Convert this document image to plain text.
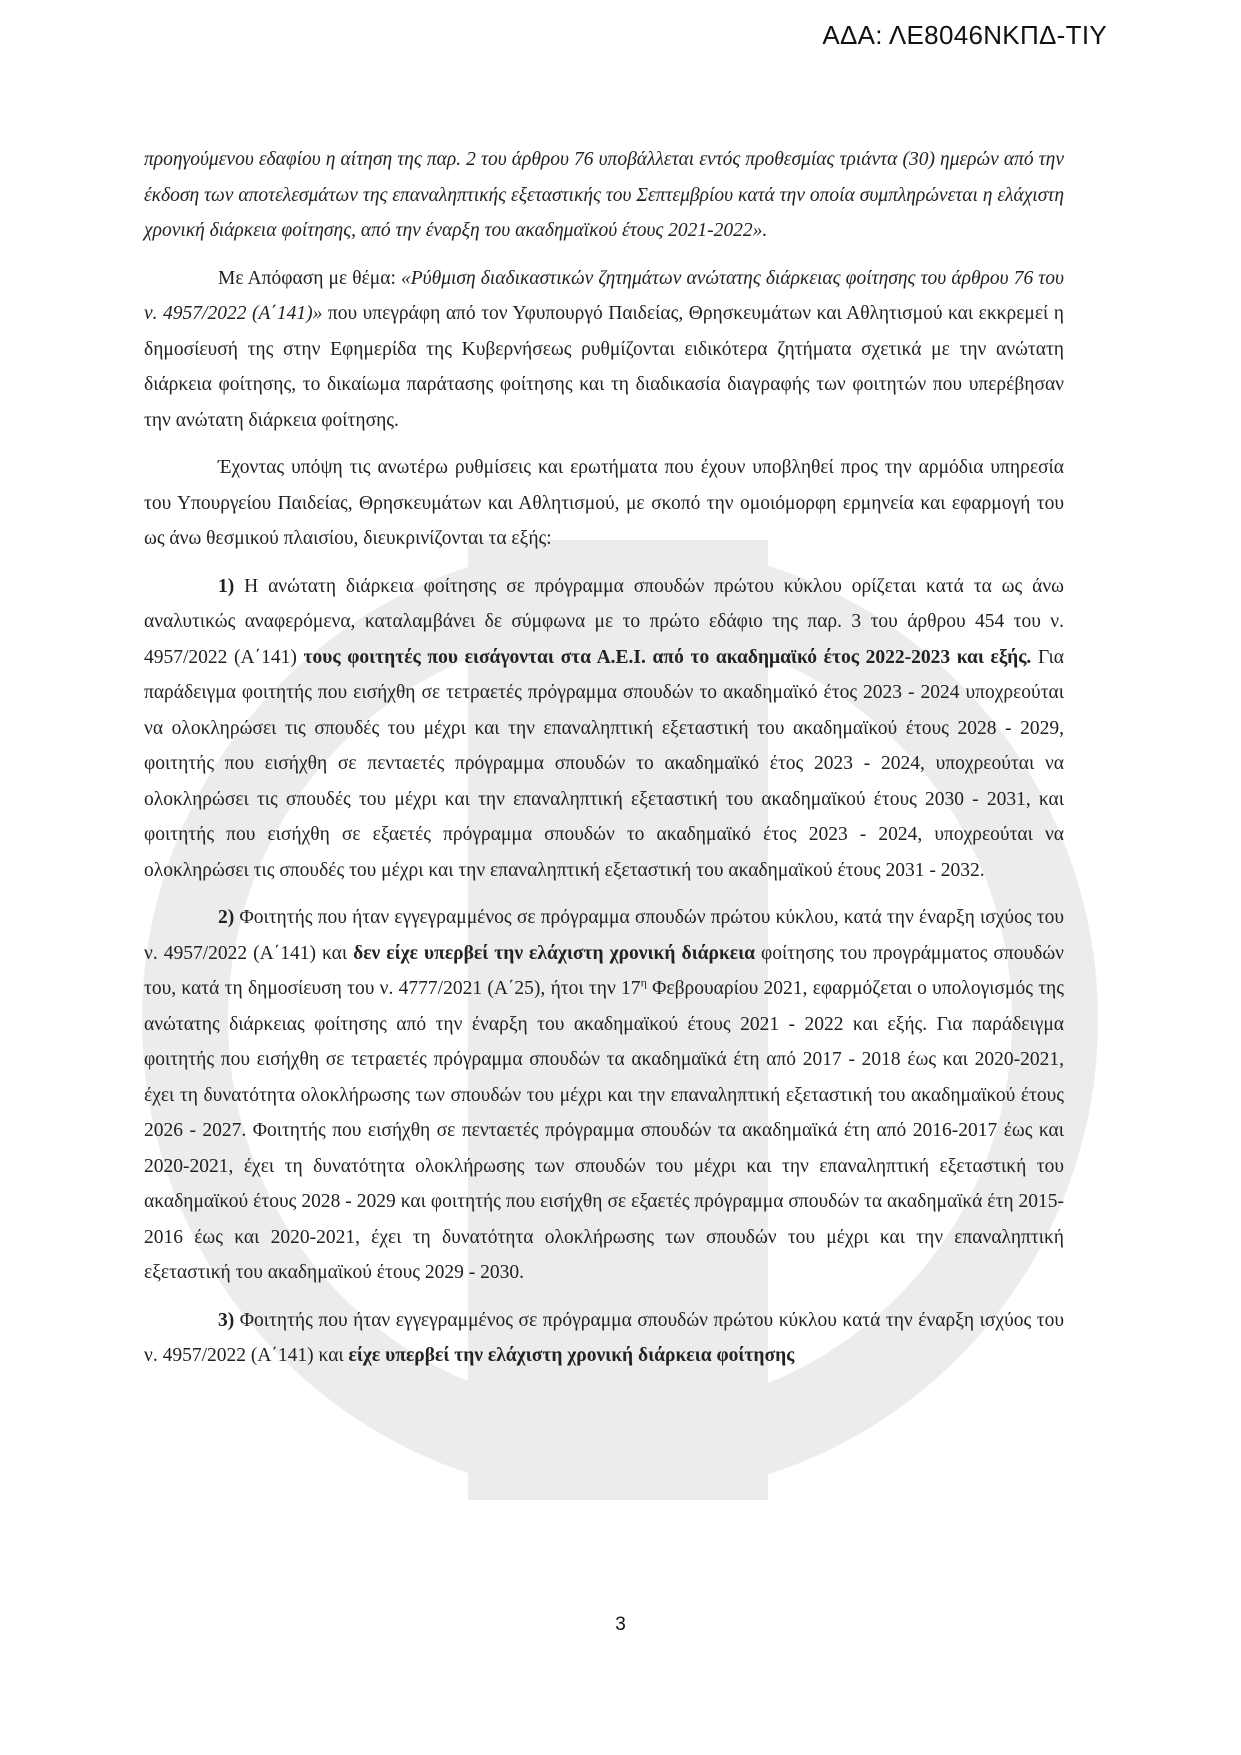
ΑΔΑ: ΛΕ8046ΝΚΠΔ-ΤΙΥ

προηγούμενου εδαφίου η αίτηση της παρ. 2 του άρθρου 76 υποβάλλεται εντός προθεσμίας τριάντα (30) ημερών από την έκδοση των αποτελεσμάτων της επαναληπτικής εξεταστικής του Σεπτεμβρίου κατά την οποία συμπληρώνεται η ελάχιστη χρονική διάρκεια φοίτησης, από την έναρξη του ακαδημαϊκού έτους 2021-2022».

Με Απόφαση με θέμα: «Ρύθμιση διαδικαστικών ζητημάτων ανώτατης διάρκειας φοίτησης του άρθρου 76 του ν. 4957/2022 (Α΄141)» που υπεγράφη από τον Υφυπουργό Παιδείας, Θρησκευμάτων και Αθλητισμού και εκκρεμεί η δημοσίευσή της στην Εφημερίδα της Κυβερνήσεως ρυθμίζονται ειδικότερα ζητήματα σχετικά με την ανώτατη διάρκεια φοίτησης, το δικαίωμα παράτασης φοίτησης και τη διαδικασία διαγραφής των φοιτητών που υπερέβησαν την ανώτατη διάρκεια φοίτησης.

Έχοντας υπόψη τις ανωτέρω ρυθμίσεις και ερωτήματα που έχουν υποβληθεί προς την αρμόδια υπηρεσία του Υπουργείου Παιδείας, Θρησκευμάτων και Αθλητισμού, με σκοπό την ομοιόμορφη ερμηνεία και εφαρμογή του ως άνω θεσμικού πλαισίου, διευκρινίζονται τα εξής:

1) Η ανώτατη διάρκεια φοίτησης σε πρόγραμμα σπουδών πρώτου κύκλου ορίζεται κατά τα ως άνω αναλυτικώς αναφερόμενα, καταλαμβάνει δε σύμφωνα με το πρώτο εδάφιο της παρ. 3 του άρθρου 454 του ν. 4957/2022 (Α΄141) τους φοιτητές που εισάγονται στα Α.Ε.Ι. από το ακαδημαϊκό έτος 2022-2023 και εξής. Για παράδειγμα φοιτητής που εισήχθη σε τετραετές πρόγραμμα σπουδών το ακαδημαϊκό έτος 2023 - 2024 υποχρεούται να ολοκληρώσει τις σπουδές του μέχρι και την επαναληπτική εξεταστική του ακαδημαϊκού έτους 2028 - 2029, φοιτητής που εισήχθη σε πενταετές πρόγραμμα σπουδών το ακαδημαϊκό έτος 2023 - 2024, υποχρεούται να ολοκληρώσει τις σπουδές του μέχρι και την επαναληπτική εξεταστική του ακαδημαϊκού έτους 2030 - 2031, και φοιτητής που εισήχθη σε εξαετές πρόγραμμα σπουδών το ακαδημαϊκό έτος 2023 - 2024, υποχρεούται να ολοκληρώσει τις σπουδές του μέχρι και την επαναληπτική εξεταστική του ακαδημαϊκού έτους 2031 - 2032.

2) Φοιτητής που ήταν εγγεγραμμένος σε πρόγραμμα σπουδών πρώτου κύκλου, κατά την έναρξη ισχύος του ν. 4957/2022 (Α΄141) και δεν είχε υπερβεί την ελάχιστη χρονική διάρκεια φοίτησης του προγράμματος σπουδών του, κατά τη δημοσίευση του ν. 4777/2021 (Α΄25), ήτοι την $17^\eta$ Φεβρουαρίου 2021, εφαρμόζεται ο υπολογισμός της ανώτατης διάρκειας φοίτησης από την έναρξη του ακαδημαϊκού έτους 2021 - 2022 και εξής. Για παράδειγμα φοιτητής που εισήχθη σε τετραετές πρόγραμμα σπουδών τα ακαδημαϊκά έτη από 2017 - 2018 έως και 2020-2021, έχει τη δυνατότητα ολοκλήρωσης των σπουδών του μέχρι και την επαναληπτική εξεταστική του ακαδημαϊκού έτους 2026 - 2027. Φοιτητής που εισήχθη σε πενταετές πρόγραμμα σπουδών τα ακαδημαϊκά έτη από 2016-2017 έως και 2020-2021, έχει τη δυνατότητα ολοκλήρωσης των σπουδών του μέχρι και την επαναληπτική εξεταστική του ακαδημαϊκού έτους 2028 - 2029 και φοιτητής που εισήχθη σε εξαετές πρόγραμμα σπουδών τα ακαδημαϊκά έτη 2015-2016 έως και 2020-2021, έχει τη δυνατότητα ολοκλήρωσης των σπουδών του μέχρι και την επαναληπτική εξεταστική του ακαδημαϊκού έτους 2029 - 2030.

3) Φοιτητής που ήταν εγγεγραμμένος σε πρόγραμμα σπουδών πρώτου κύκλου κατά την έναρξη ισχύος του ν. 4957/2022 (Α΄141) και είχε υπερβεί την ελάχιστη χρονική διάρκεια φοίτησης

3
